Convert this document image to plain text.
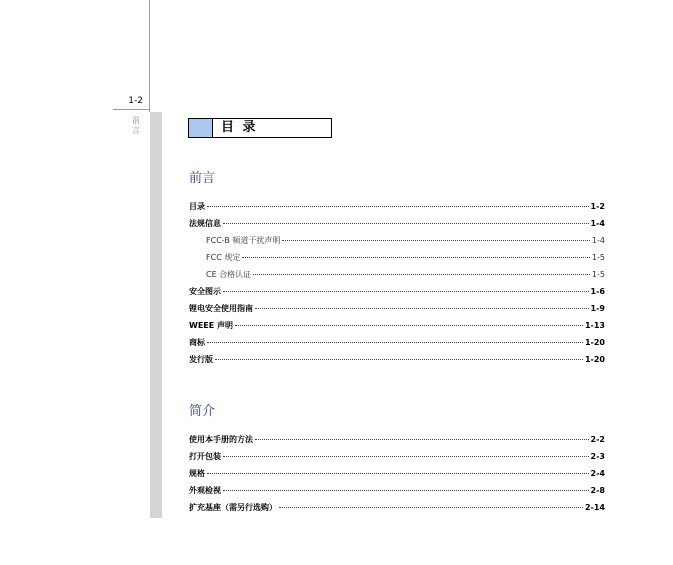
1-2
前言	目 录
前言
目录	1-2
法规信息	1-4
FCC-B 频道干扰声明	1-4
FCC 规定	1-5
CE 合格认证	1-5
安全图示	1-6
锂电安全使用指南	1-9
WEEE 声明	1-13
商标	1-20
发行版	1-20
简介
使用本手册的方法	2-2
打开包装	2-3
规格	2-4
外观检视	2-8
扩充基座（需另行选购）	2-14
